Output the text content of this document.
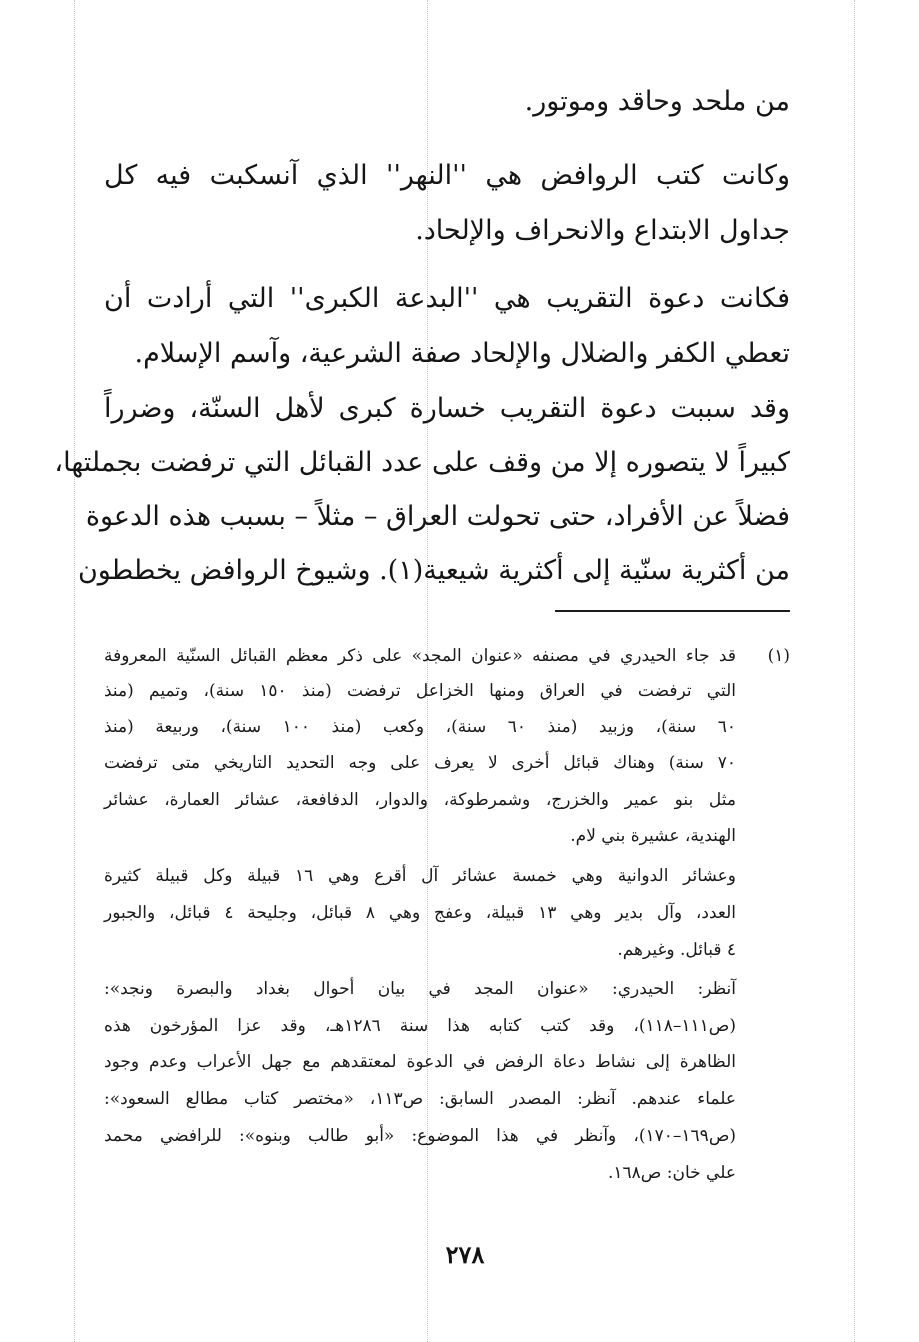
من ملحد وحاقد وموتور.
وكانت كتب الروافض هي ''النهر'' الذي آنسكبت فيه كل
جداول الابتداع والانحراف والإلحاد.
فكانت دعوة التقريب هي ''البدعة الكبرى'' التي أرادت أن
تعطي الكفر والضلال والإلحاد صفة الشرعية، وآسم الإسلام.
وقد سببت دعوة التقريب خسارة كبرى لأهل السنّة، وضرراً
كبيراً لا يتصوره إلا من وقف على عدد القبائل التي ترفضت بجملتها،
فضلاً عن الأفراد، حتى تحولت العراق – مثلاً – بسبب هذه الدعوة
من أكثرية سنّية إلى أكثرية شيعية(١). وشيوخ الروافض يخططون
(١)
قد جاء الحيدري في مصنفه «عنوان المجد» على ذكر معظم القبائل السنّية المعروفة
التي ترفضت في العراق ومنها الخزاعل ترفضت (منذ ١٥٠ سنة)، وتميم (منذ
٦٠ سنة)، وزبيد (منذ ٦٠ سنة)، وكعب (منذ ١٠٠ سنة)، وربيعة (منذ
٧٠ سنة) وهناك قبائل أخرى لا يعرف على وجه التحديد التاريخي متى ترفضت
مثل بنو عمير والخزرج، وشمرطوكة، والدوار، الدفافعة، عشائر العمارة، عشائر
الهندية، عشيرة بني لام.
وعشائر الدوانية وهي خمسة عشائر آل أقرع وهي ١٦ قبيلة وكل قبيلة كثيرة
العدد، وآل بدير وهي ١٣ قبيلة، وعفج وهي ٨ قبائل، وجليحة ٤ قبائل، والجبور
٤ قبائل. وغيرهم.
آنظر: الحيدري: «عنوان المجد في بيان أحوال بغداد والبصرة ونجد»:
(ص١١١–١١٨)، وقد كتب كتابه هذا سنة ١٢٨٦هـ، وقد عزا المؤرخون هذه
الظاهرة إلى نشاط دعاة الرفض في الدعوة لمعتقدهم مع جهل الأعراب وعدم وجود
علماء عندهم. آنظر: المصدر السابق: ص١١٣، «مختصر كتاب مطالع السعود»:
(ص١٦٩–١٧٠)، وآنظر في هذا الموضوع: «أبو طالب وبنوه»: للرافضي محمد
علي خان: ص١٦٨.
٢٧٨
